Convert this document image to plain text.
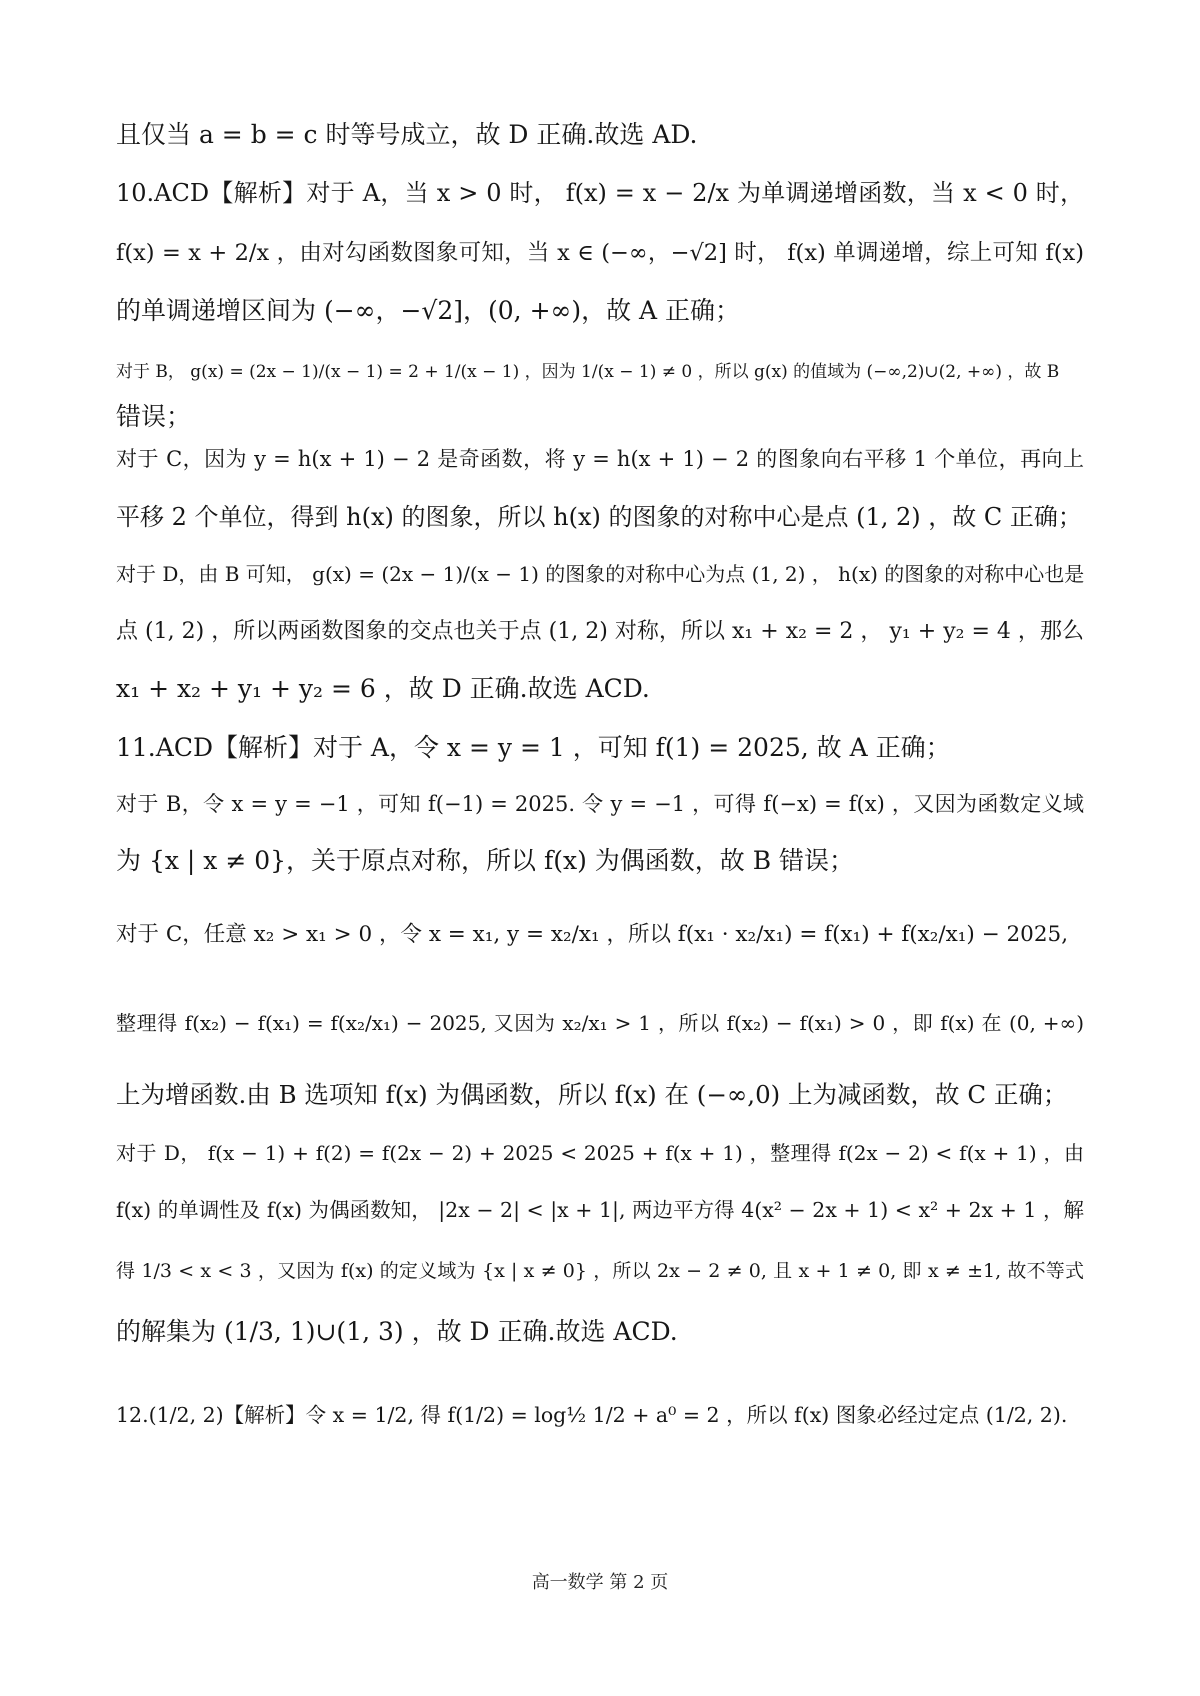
且仅当 a = b = c 时等号成立，故 D 正确.故选 AD.
10.ACD【解析】对于 A，当 x > 0 时， f(x) = x − 2/x 为单调递增函数，当 x < 0 时，
f(x) = x + 2/x ，由对勾函数图象可知，当 x ∈ (−∞，−√2] 时， f(x) 单调递增，综上可知 f(x)
的单调递增区间为 (−∞，−√2]，(0, +∞)，故 A 正确；
对于 B， g(x) = (2x − 1)/(x − 1) = 2 + 1/(x − 1) ，因为 1/(x − 1) ≠ 0 ，所以 g(x) 的值域为 (−∞,2)∪(2, +∞) ，故 B
错误；
对于 C，因为 y = h(x + 1) − 2 是奇函数，将 y = h(x + 1) − 2 的图象向右平移 1 个单位，再向上
平移 2 个单位，得到 h(x) 的图象，所以 h(x) 的图象的对称中心是点 (1, 2) ，故 C 正确；
对于 D，由 B 可知， g(x) = (2x − 1)/(x − 1) 的图象的对称中心为点 (1, 2) ， h(x) 的图象的对称中心也是
点 (1, 2) ，所以两函数图象的交点也关于点 (1, 2) 对称，所以 x₁ + x₂ = 2 ， y₁ + y₂ = 4 ，那么
x₁ + x₂ + y₁ + y₂ = 6 ，故 D 正确.故选 ACD.
11.ACD【解析】对于 A，令 x = y = 1 ，可知 f(1) = 2025, 故 A 正确；
对于 B，令 x = y = −1 ，可知 f(−1) = 2025. 令 y = −1 ，可得 f(−x) = f(x) ，又因为函数定义域
为 {x | x ≠ 0}，关于原点对称，所以 f(x) 为偶函数，故 B 错误；
对于 C，任意 x₂ > x₁ > 0 ，令 x = x₁, y = x₂/x₁ ，所以 f(x₁ · x₂/x₁) = f(x₁) + f(x₂/x₁) − 2025,
整理得 f(x₂) − f(x₁) = f(x₂/x₁) − 2025, 又因为 x₂/x₁ > 1 ，所以 f(x₂) − f(x₁) > 0 ，即 f(x) 在 (0, +∞)
上为增函数.由 B 选项知 f(x) 为偶函数，所以 f(x) 在 (−∞,0) 上为减函数，故 C 正确；
对于 D， f(x − 1) + f(2) = f(2x − 2) + 2025 < 2025 + f(x + 1) ，整理得 f(2x − 2) < f(x + 1) ，由
f(x) 的单调性及 f(x) 为偶函数知， |2x − 2| < |x + 1|, 两边平方得 4(x² − 2x + 1) < x² + 2x + 1 ，解
得 1/3 < x < 3 ，又因为 f(x) 的定义域为 {x | x ≠ 0} ，所以 2x − 2 ≠ 0, 且 x + 1 ≠ 0, 即 x ≠ ±1, 故不等式
的解集为 (1/3, 1)∪(1, 3) ，故 D 正确.故选 ACD.
12.(1/2, 2)【解析】令 x = 1/2, 得 f(1/2) = log½ 1/2 + a⁰ = 2 ，所以 f(x) 图象必经过定点 (1/2, 2).
高一数学 第 2 页
